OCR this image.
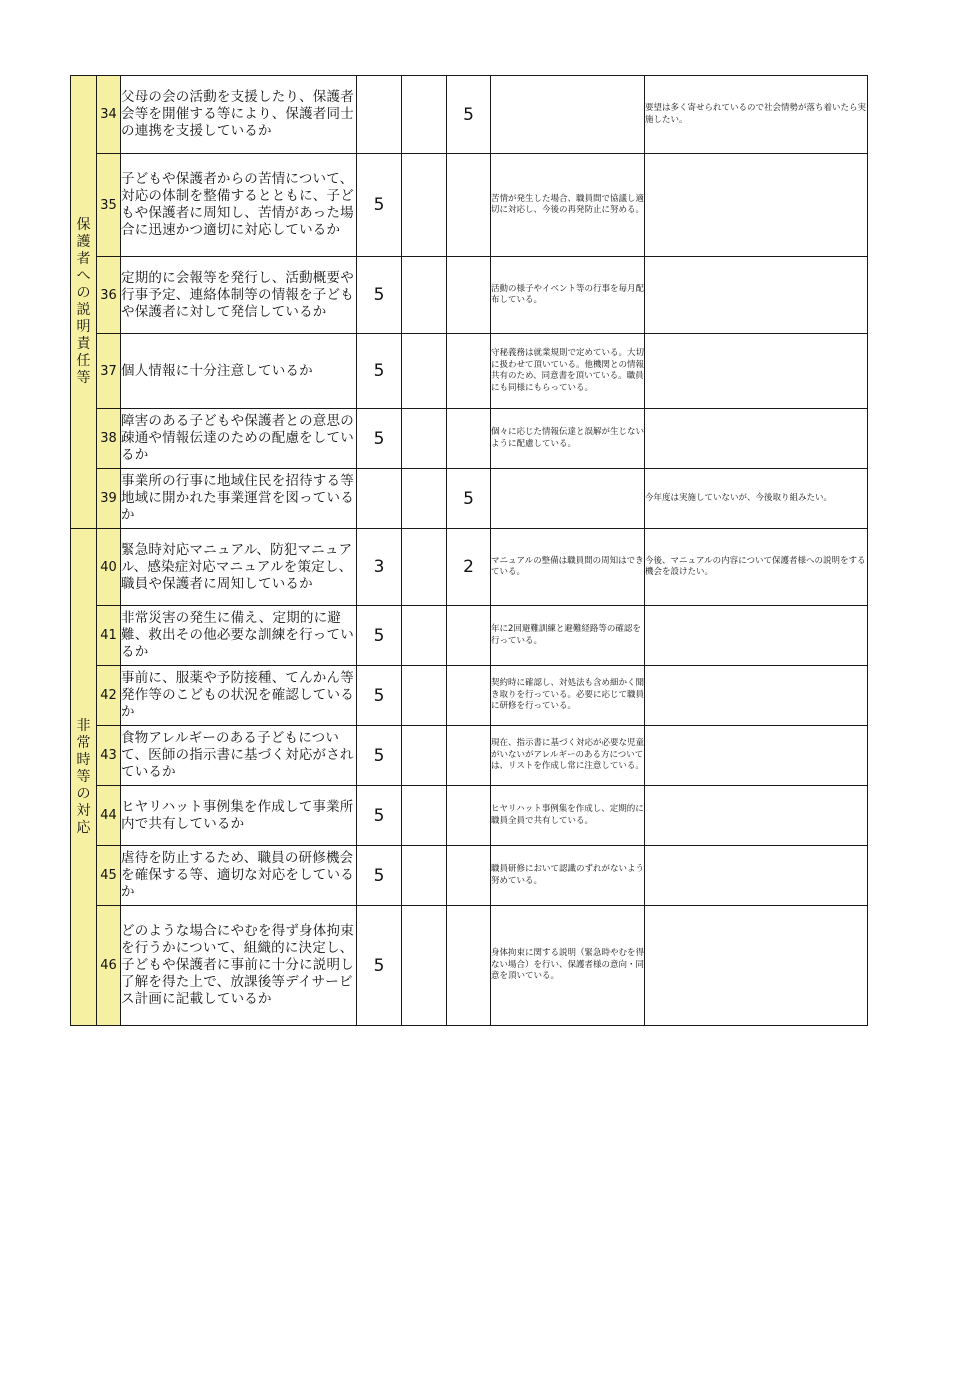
保護者への説明責任等	34	父母の会の活動を支援したり、保護者会等を開催する等により、保護者同士の連携を支援しているか			5		要望は多く寄せられているので社会情勢が落ち着いたら実施したい。
	35	子どもや保護者からの苦情について、対応の体制を整備するとともに、子どもや保護者に周知し、苦情があった場合に迅速かつ適切に対応しているか	5			苦情が発生した場合、職員間で協議し適切に対応し、今後の再発防止に努める。	
	36	定期的に会報等を発行し、活動概要や行事予定、連絡体制等の情報を子どもや保護者に対して発信しているか	5			活動の様子やイベント等の行事を毎月配布している。	
	37	個人情報に十分注意しているか	5			守秘義務は就業規則で定めている。大切に扱わせて頂いている。他機関との情報共有のため、同意書を頂いている。職員にも同様にもらっている。	
	38	障害のある子どもや保護者との意思の疎通や情報伝達のための配慮をしているか	5			個々に応じた情報伝達と誤解が生じないように配慮している。	
	39	事業所の行事に地域住民を招待する等地域に開かれた事業運営を図っているか			5		今年度は実施していないが、今後取り組みたい。
非常時等の対応	40	緊急時対応マニュアル、防犯マニュアル、感染症対応マニュアルを策定し、職員や保護者に周知しているか	3		2	マニュアルの整備は職員間の周知はできている。	今後、マニュアルの内容について保護者様への説明をする機会を設けたい。
	41	非常災害の発生に備え、定期的に避難、救出その他必要な訓練を行っているか	5			年に2回避難訓練と避難経路等の確認を行っている。	
	42	事前に、服薬や予防接種、てんかん等発作等のこどもの状況を確認しているか	5			契約時に確認し、対処法も含め細かく聞き取りを行っている。必要に応じて職員に研修を行っている。	
	43	食物アレルギーのある子どもについて、医師の指示書に基づく対応がされているか	5			現在、指示書に基づく対応が必要な児童がいないがアレルギーのある方については、リストを作成し常に注意している。	
	44	ヒヤリハット事例集を作成して事業所内で共有しているか	5			ヒヤリハット事例集を作成し、定期的に職員全員で共有している。	
	45	虐待を防止するため、職員の研修機会を確保する等、適切な対応をしているか	5			職員研修において認識のずれがないよう努めている。	
	46	どのような場合にやむを得ず身体拘束を行うかについて、組織的に決定し、子どもや保護者に事前に十分に説明し了解を得た上で、放課後等デイサービス計画に記載しているか	5			身体拘束に関する説明（緊急時やむを得ない場合）を行い、保護者様の意向・同意を頂いている。	
